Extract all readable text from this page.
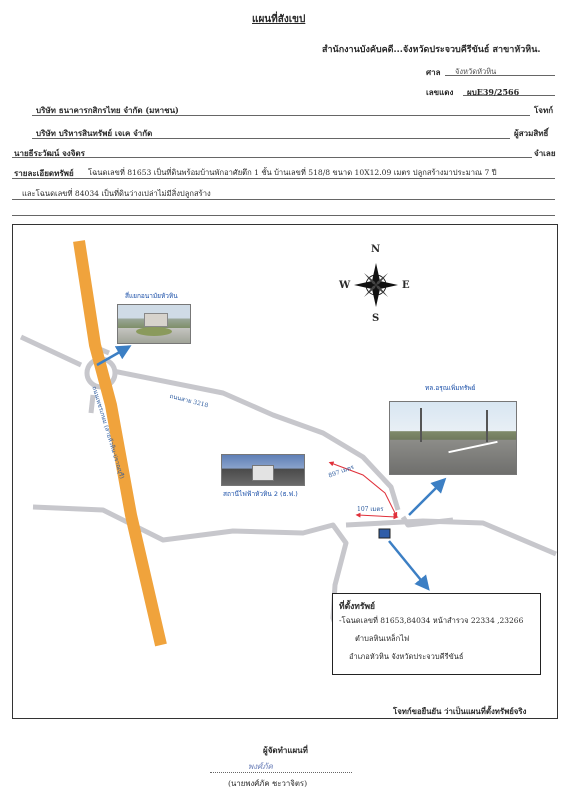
แผนที่สังเขป
สำนักงานบังคับคดี...จังหวัดประจวบคีรีขันธ์ สาขาหัวหิน.
ศาล จังหวัดหัวหิน
เลขแดง ผบE39/2566
บริษัท ธนาคารกสิกรไทย จำกัด (มหาชน)	โจทก์
บริษัท บริหารสินทรัพย์ เจเค จำกัด	ผู้สวมสิทธิ์
นายธีระวัฒน์ จงจิตร	จำเลย
รายละเอียดทรัพย์ โฉนดเลขที่ 81653 เป็นที่ดินพร้อมบ้านพักอาศัยตึก 1 ชั้น บ้านเลขที่ 518/8 ขนาด 10X12.09 เมตร ปลูกสร้างมาประมาณ 7 ปี
และโฉนดเลขที่ 84034 เป็นที่ดินว่างเปล่าไม่มีสิ่งปลูกสร้าง
N
S
E
W
ถนนสาย 3218
ถนนเพชรเกษม (สายหัวหิน-ปราณบุรี)
สี่แยกอนามัยหัวหิน
ทล.อรุณเพิ่มทรัพย์
สถานีไฟฟ้าหัวหิน 2 (ธ.ฟ.)
897 เมตร
107 เมตร
ที่ตั้งทรัพย์
-โฉนดเลขที่ 81653,84034 หน้าสำรวจ 22334 ,23266
ตำบลหินเหล็กไฟ
อำเภอหัวหิน จังหวัดประจวบคีรีขันธ์
โจทก์ขอยืนยัน ว่าเป็นแผนที่ตั้งทรัพย์จริง
ผู้จัดทำแผนที่
พงศ์ภัค
(นายพงศ์ภัค ชะวาจิตร)
